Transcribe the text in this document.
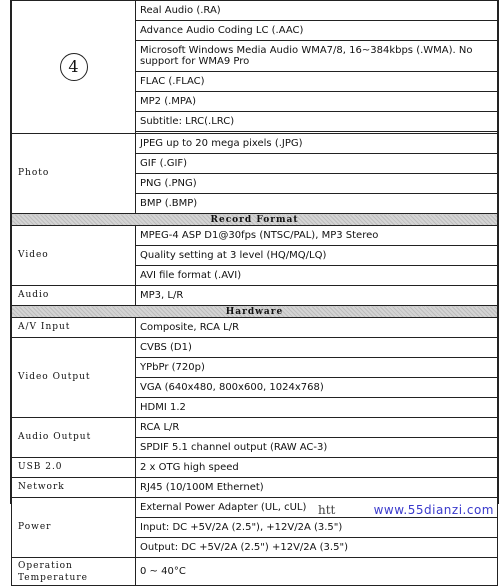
4	Real Audio (.RA)
	Advance Audio Coding LC (.AAC)
	Microsoft Windows Media Audio WMA7/8, 16~384kbps (.WMA). No support for WMA9 Pro
	FLAC (.FLAC)
	MP2 (.MPA)
	Subtitle: LRC(.LRC)

Photo	JPEG up to 20 mega pixels (.JPG)
	GIF (.GIF)
	PNG (.PNG)
	BMP (.BMP)
Record Format	
Video	MPEG-4 ASP D1@30fps (NTSC/PAL), MP3 Stereo
	Quality setting at 3 level (HQ/MQ/LQ)
	AVI file format (.AVI)
Audio	MP3, L/R
Hardware	
A/V Input	Composite, RCA L/R
Video Output	CVBS (D1)
	YPbPr (720p)
	VGA (640x480, 800x600, 1024x768)
	HDMI 1.2
Audio Output	RCA L/R
	SPDIF 5.1 channel output (RAW AC-3)
USB 2.0	2 x OTG high speed
Network	RJ45 (10/100M Ethernet)
Power	External Power Adapter (UL, cUL)
	Input: DC +5V/2A (2.5"), +12V/2A (3.5")
	Output: DC +5V/2A (2.5") +12V/2A (3.5")

Operation
Temperature	0 ~ 40°C
htt	www.55dianzi.com
